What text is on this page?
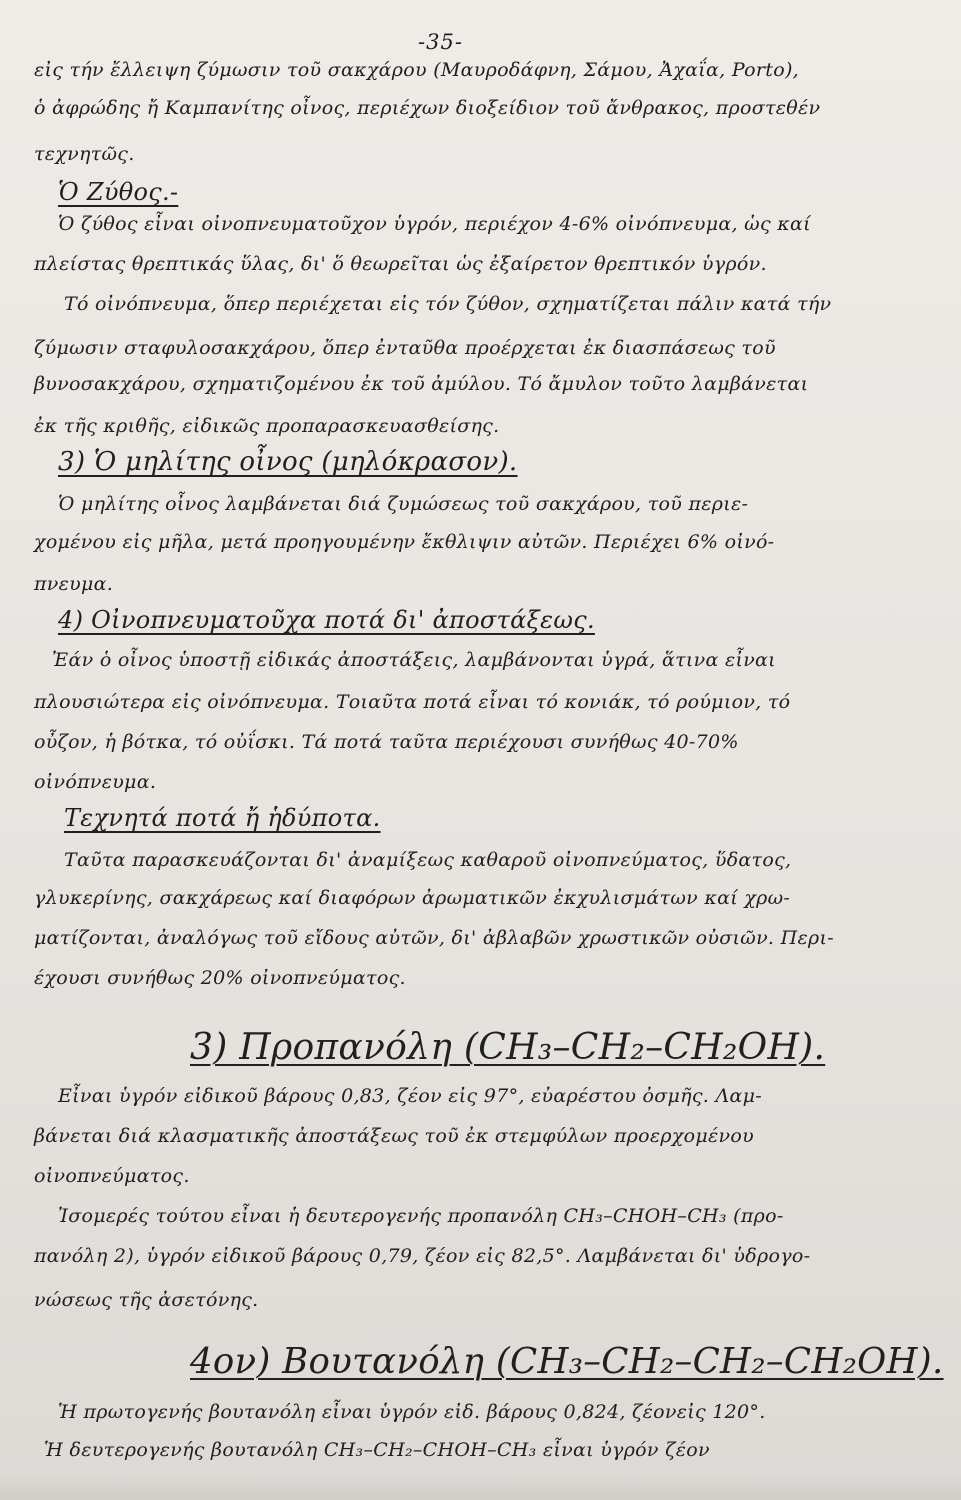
-35-
εἰς τήν ἔλλειψη ζύμωσιν τοῦ σακχάρου (Μαυροδάφνη, Σάμου, Ἀχαΐα, Porto),
ὁ ἀφρώδης ἤ Καμπανίτης οἶνος, περιέχων διοξείδιον τοῦ ἄνθρακος, προστεθέν
τεχνητῶς.
Ὁ Ζύθος.-
Ὁ ζύθος εἶναι οἰνοπνευματοῦχον ὑγρόν, περιέχον 4-6% οἰνόπνευμα, ὡς καί
πλείστας θρεπτικάς ὕλας, δι' ὅ θεωρεῖται ὡς ἐξαίρετον θρεπτικόν ὑγρόν.
Τό οἰνόπνευμα, ὅπερ περιέχεται εἰς τόν ζύθον, σχηματίζεται πάλιν κατά τήν
ζύμωσιν σταφυλοσακχάρου, ὅπερ ἐνταῦθα προέρχεται ἐκ διασπάσεως τοῦ
βυνοσακχάρου, σχηματιζομένου ἐκ τοῦ ἀμύλου. Τό ἄμυλον τοῦτο λαμβάνεται
ἐκ τῆς κριθῆς, εἰδικῶς προπαρασκευασθείσης.
3) Ὁ μηλίτης οἶνος (μηλόκρασον).
Ὁ μηλίτης οἶνος λαμβάνεται διά ζυμώσεως τοῦ σακχάρου, τοῦ περιε-
χομένου εἰς μῆλα, μετά προηγουμένην ἔκθλιψιν αὐτῶν. Περιέχει 6% οἰνό-
πνευμα.
4) Οἰνοπνευματοῦχα ποτά δι' ἀποστάξεως.
Ἐάν ὁ οἶνος ὑποστῇ εἰδικάς ἀποστάξεις, λαμβάνονται ὑγρά, ἅτινα εἶναι
πλουσιώτερα εἰς οἰνόπνευμα. Τοιαῦτα ποτά εἶναι τό κονιάκ, τό ρούμιον, τό
οὖζον, ἡ βότκα, τό οὐΐσκι. Τά ποτά ταῦτα περιέχουσι συνήθως 40-70%
οἰνόπνευμα.
Τεχνητά ποτά ἤ ἡδύποτα.
Ταῦτα παρασκευάζονται δι' ἀναμίξεως καθαροῦ οἰνοπνεύματος, ὕδατος,
γλυκερίνης, σακχάρεως καί διαφόρων ἀρωματικῶν ἐκχυλισμάτων καί χρω-
ματίζονται, ἀναλόγως τοῦ εἴδους αὐτῶν, δι' ἀβλαβῶν χρωστικῶν οὐσιῶν. Περι-
έχουσι συνήθως 20% οἰνοπνεύματος.
3) Προπανόλη (CH₃–CH₂–CH₂OH).
Εἶναι ὑγρόν εἰδικοῦ βάρους 0,83, ζέον εἰς 97°, εὐαρέστου ὀσμῆς. Λαμ-
βάνεται διά κλασματικῆς ἀποστάξεως τοῦ ἐκ στεμφύλων προερχομένου
οἰνοπνεύματος.
Ἰσομερές τούτου εἶναι ἡ δευτερογενής προπανόλη CH₃–CHOH–CH₃ (προ-
πανόλη 2), ὑγρόν εἰδικοῦ βάρους 0,79, ζέον εἰς 82,5°. Λαμβάνεται δι' ὑδρογο-
νώσεως τῆς ἀσετόνης.
4ον) Βουτανόλη (CH₃–CH₂–CH₂–CH₂OH).
Ἡ πρωτογενής βουτανόλη εἶναι ὑγρόν εἰδ. βάρους 0,824, ζέονεἰς 120°.
Ἡ δευτερογενής βουτανόλη CH₃–CH₂–CHOH–CH₃ εἶναι ὑγρόν ζέον
